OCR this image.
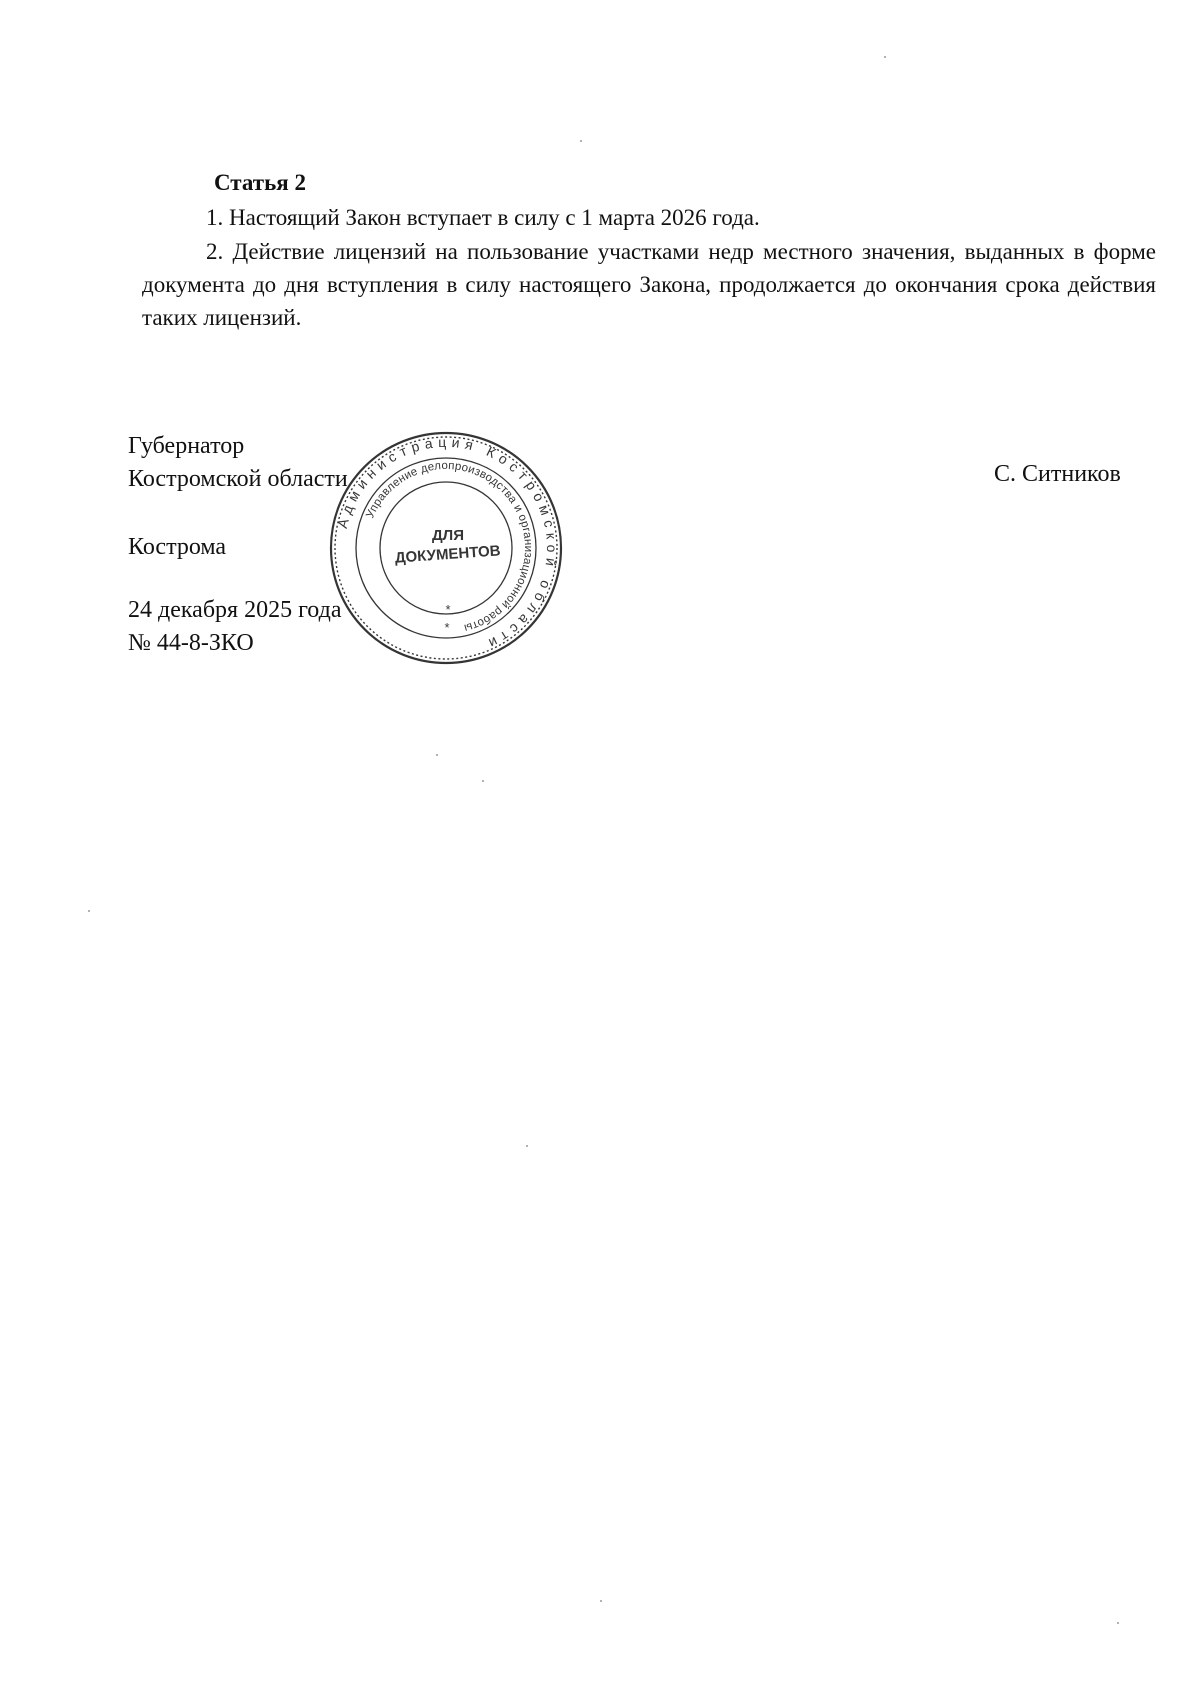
Статья 2
1. Настоящий Закон вступает в силу с 1 марта 2026 года.
2. Действие лицензий на пользование участками недр местного значения, выданных в форме документа до дня вступления в силу настоящего Закона, продолжается до окончания срока действия таких лицензий.
Губернатор
Костромской области	С. Ситников
Кострома
24 декабря 2025 года
№ 44-8-ЗКО
Администрация Костромской области
Управление делопроизводства и организационной работы
ДЛЯ
ДОКУМЕНТОВ
*
*
